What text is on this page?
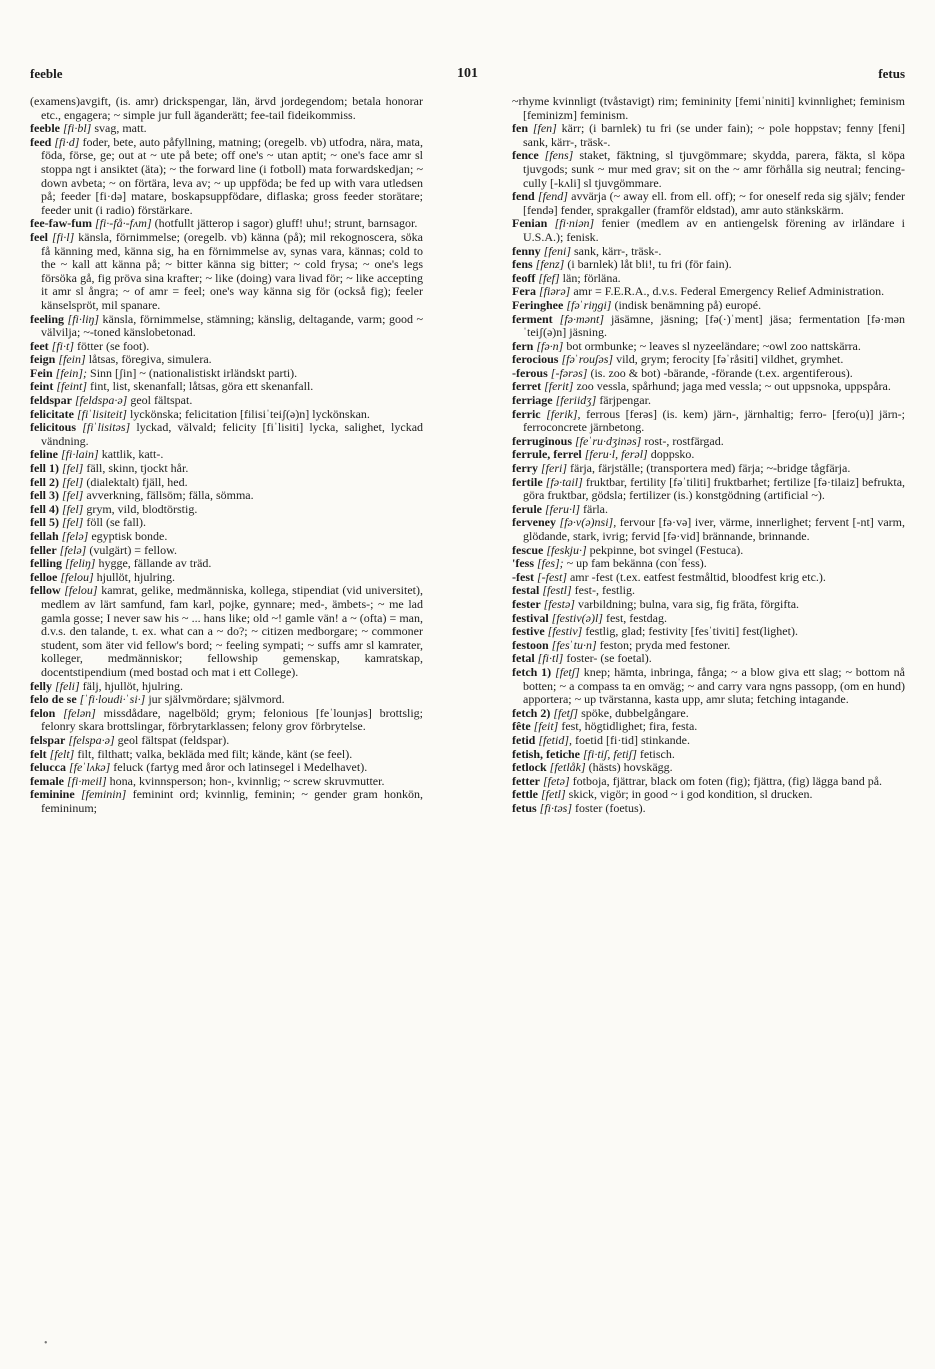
feeble	101	fetus

(examens)avgift, (is. amr) drickspengar, län, ärvd jordegendom; betala honorar etc., engagera; ~ simple jur full äganderätt; fee-tail fideikommiss.

feeble [fi·bl] svag, matt.

feed [fi·d] foder, bete, auto påfyllning, matning; (oregelb. vb) utfodra, nära, mata, föda, förse, ge; out at ~ ute på bete; off one's ~ utan aptit; ~ one's face amr sl stoppa ngt i ansiktet (äta); ~ the forward line (i fotboll) mata forwardskedjan; ~ down avbeta; ~ on förtära, leva av; ~ up uppföda; be fed up with vara utledsen på; feeder [fi·də] matare, boskapsuppfödare, diflaska; gross feeder storätare; feeder unit (i radio) förstärkare.

fee-faw-fum [fi·-få·-fʌm] (hotfullt jätterop i sagor) gluff! uhu!; strunt, barnsagor.

feel [fi·l] känsla, förnimmelse; (oregelb. vb) känna (på); mil rekognoscera, söka få känning med, känna sig, ha en förnimmelse av, synas vara, kännas; cold to the ~ kall att känna på; ~ bitter känna sig bitter; ~ cold frysa; ~ one's legs försöka gå, fig pröva sina krafter; ~ like (doing) vara livad för; ~ like accepting it amr sl ångra; ~ of amr = feel; one's way känna sig för (också fig); feeler känselspröt, mil spanare.

feeling [fi·liŋ] känsla, förnimmelse, stämning; känslig, deltagande, varm; good ~ välvilja; ~-toned känslobetonad.

feet [fi·t] fötter (se foot).

feign [fein] låtsas, föregiva, simulera.

Fein [fein]; Sinn [ʃin] ~ (nationalistiskt irländskt parti).

feint [feint] fint, list, skenanfall; låtsas, göra ett skenanfall.

feldspar [feldspa·ə] geol fältspat.

felicitate [fiˈlisiteit] lyckönska; felicitation [filisiˈteiʃ(ə)n] lyckönskan.

felicitous [fiˈlisitəs] lyckad, välvald; felicity [fiˈlisiti] lycka, salighet, lyckad vändning.

feline [fi·lain] kattlik, katt-.

fell 1) [fel] fäll, skinn, tjockt hår.

fell 2) [fel] (dialektalt) fjäll, hed.

fell 3) [fel] avverkning, fällsöm; fälla, sömma.

fell 4) [fel] grym, vild, blodtörstig.

fell 5) [fel] föll (se fall).

fellah [felə] egyptisk bonde.

feller [felə] (vulgärt) = fellow.

felling [feliŋ] hygge, fällande av träd.

felloe [felou] hjullöt, hjulring.

fellow [felou] kamrat, gelike, medmänniska, kollega, stipendiat (vid universitet), medlem av lärt samfund, fam karl, pojke, gynnare; med-, ämbets-; ~ me lad gamla gosse; I never saw his ~ ... hans like; old ~! gamle vän! a ~ (ofta) = man, d.v.s. den talande, t. ex. what can a ~ do?; ~ citizen medborgare; ~ commoner student, som äter vid fellow's bord; ~ feeling sympati; ~ suffs amr sl kamrater, kolleger, medmänniskor; fellowship gemenskap, kamratskap, docentstipendium (med bostad och mat i ett College).

felly [feli] fälj, hjullöt, hjulring.

felo de se [ˈfi·loudi·ˈsi·] jur självmördare; självmord.

felon [felən] missdådare, nagelböld; grym; felonious [feˈlounjəs] brottslig; felonry skara brottslingar, förbrytarklassen; felony grov förbrytelse.

felspar [felspa·ə] geol fältspat (feldspar).

felt [felt] filt, filthatt; valka, bekläda med filt; kände, känt (se feel).

felucca [feˈlʌkə] feluck (fartyg med åror och latinsegel i Medelhavet).

female [fi·meil] hona, kvinnsperson; hon-, kvinnlig; ~ screw skruvmutter.

feminine [feminin] feminint ord; kvinnlig, feminin; ~ gender gram honkön, femininum;

~rhyme kvinnligt (tvåstavigt) rim; femininity [femiˈniniti] kvinnlighet; feminism [feminizm] feminism.

fen [fen] kärr; (i barnlek) tu fri (se under fain); ~ pole hoppstav; fenny [feni] sank, kärr-, träsk-.

fence [fens] staket, fäktning, sl tjuvgömmare; skydda, parera, fäkta, sl köpa tjuvgods; sunk ~ mur med grav; sit on the ~ amr förhålla sig neutral; fencing-cully [-kʌli] sl tjuvgömmare.

fend [fend] avvärja (~ away ell. from ell. off); ~ for oneself reda sig själv; fender [fendə] fender, sprakgaller (framför eldstad), amr auto stänkskärm.

Fenian [fi·niən] fenier (medlem av en antiengelsk förening av irländare i U.S.A.); fenisk.

fenny [feni] sank, kärr-, träsk-.

fens [fenz] (i barnlek) låt bli!, tu fri (för fain).

feoff [fef] län; förläna.

Fera [fiərə] amr = F.E.R.A., d.v.s. Federal Emergency Relief Administration.

Feringhee [fəˈriŋgi] (indisk benämning på) europé.

ferment [fə·mənt] jäsämne, jäsning; [fə(·)ˈment] jäsa; fermentation [fə·mənˈteiʃ(ə)n] jäsning.

fern [fə·n] bot ormbunke; ~ leaves sl nyzeeländare; ~owl zoo nattskärra.

ferocious [fəˈrouʃəs] vild, grym; ferocity [fəˈråsiti] vildhet, grymhet.

-ferous [-fərəs] (is. zoo & bot) -bärande, -förande (t.ex. argentiferous).

ferret [ferit] zoo vessla, spårhund; jaga med vessla; ~ out uppsnoka, uppspåra.

ferriage [feriidʒ] färjpengar.

ferric [ferik], ferrous [ferəs] (is. kem) järn-, järnhaltig; ferro- [fero(u)] järn-; ferroconcrete järnbetong.

ferruginous [feˈru·dʒinəs] rost-, rostfärgad.

ferrule, ferrel [feru·l, ferəl] doppsko.

ferry [feri] färja, färjställe; (transportera med) färja; ~-bridge tågfärja.

fertile [fə·tail] fruktbar, fertility [fəˈtiliti] fruktbarhet; fertilize [fə·tilaiz] befrukta, göra fruktbar, gödsla; fertilizer (is.) konstgödning (artificial ~).

ferule [feru·l] färla.

ferveney [fə·v(ə)nsi], fervour [fə·və] iver, värme, innerlighet; fervent [-nt] varm, glödande, stark, ivrig; fervid [fə·vid] brännande, brinnande.

fescue [feskju·] pekpinne, bot svingel (Festuca).

'fess [fes]; ~ up fam bekänna (conˈfess).

-fest [-fest] amr -fest (t.ex. eatfest festmåltid, bloodfest krig etc.).

festal [festl] fest-, festlig.

fester [festə] varbildning; bulna, vara sig, fig fräta, förgifta.

festival [festiv(ə)l] fest, festdag.

festive [festiv] festlig, glad; festivity [fesˈtiviti] fest(lighet).

festoon [fesˈtu·n] feston; pryda med festoner.

fetal [fi·tl] foster- (se foetal).

fetch 1) [fetʃ] knep; hämta, inbringa, fånga; ~ a blow giva ett slag; ~ bottom nå botten; ~ a compass ta en omväg; ~ and carry vara ngns passopp, (om en hund) apportera; ~ up tvärstanna, kasta upp, amr sluta; fetching intagande.

fetch 2) [fetʃ] spöke, dubbelgångare.

fête [feit] fest, högtidlighet; fira, festa.

fetid [fetid], foetid [fi·tid] stinkande.

fetish, fetiche [fi·tiʃ, fetiʃ] fetisch.

fetlock [fetlåk] (hästs) hovskägg.

fetter [fetə] fotboja, fjättrar, black om foten (fig); fjättra, (fig) lägga band på.

fettle [fetl] skick, vigör; in good ~ i god kondition, sl drucken.

fetus [fi·təs] foster (foetus).

•
